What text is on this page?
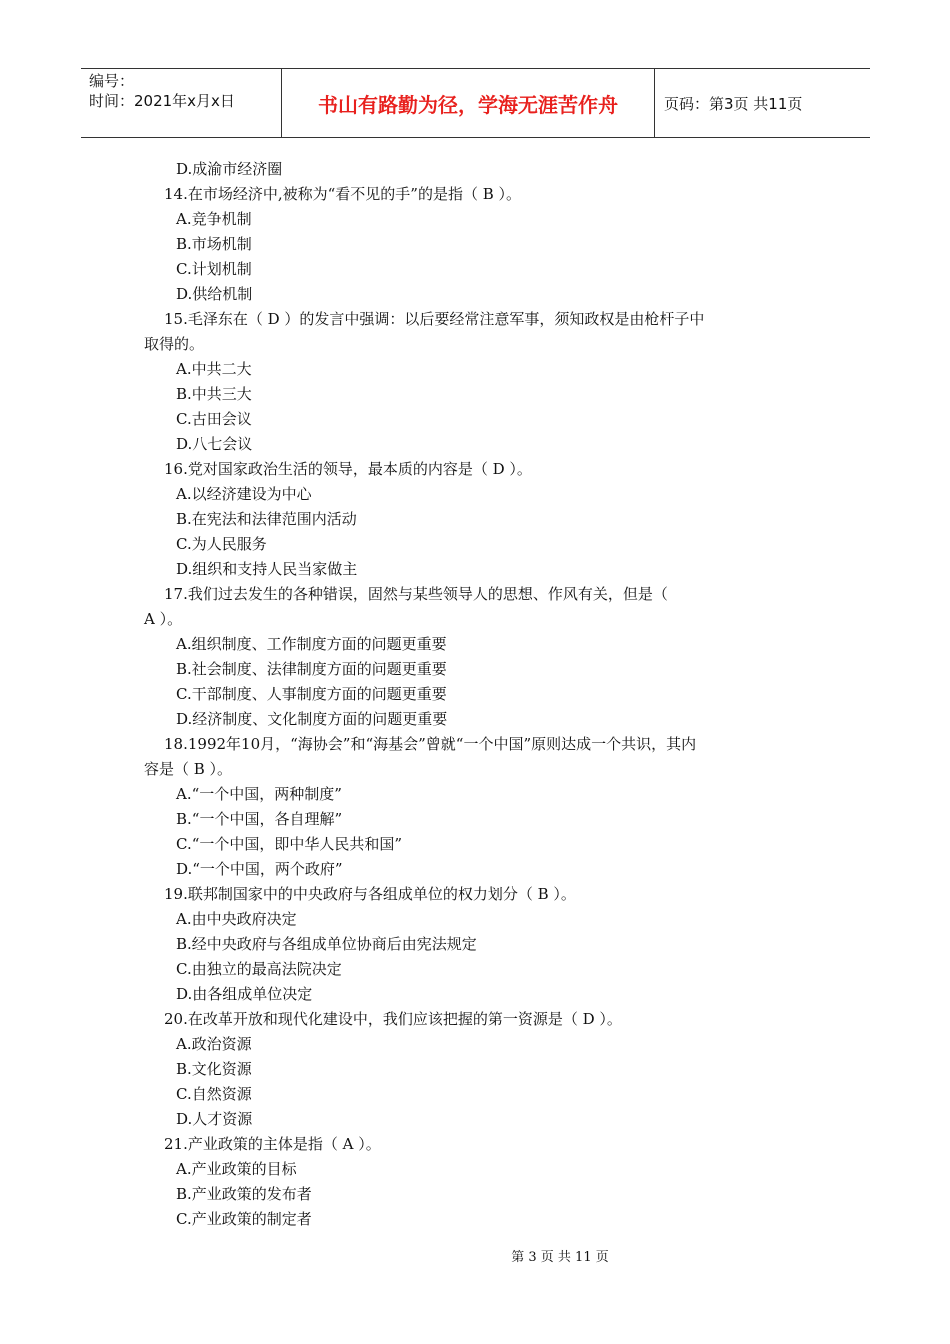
编号：
时间：2021年x月x日	书山有路勤为径，学海无涯苦作舟	页码：第3页 共11页
D.成渝市经济圈
14.在市场经济中,被称为“看不见的手”的是指（ B ）。
A.竞争机制
B.市场机制
C.计划机制
D.供给机制
15.毛泽东在（ D ）的发言中强调：以后要经常注意军事，须知政权是由枪杆子中
取得的。
A.中共二大
B.中共三大
C.古田会议
D.八七会议
16.党对国家政治生活的领导，最本质的内容是（ D ）。
A.以经济建设为中心
B.在宪法和法律范围内活动
C.为人民服务
D.组织和支持人民当家做主
17.我们过去发生的各种错误，固然与某些领导人的思想、作风有关，但是（
A ）。
A.组织制度、工作制度方面的问题更重要
B.社会制度、法律制度方面的问题更重要
C.干部制度、人事制度方面的问题更重要
D.经济制度、文化制度方面的问题更重要
18.1992年10月，“海协会”和“海基会”曾就“一个中国”原则达成一个共识，其内
容是（ B ）。
A.“一个中国，两种制度”
B.“一个中国，各自理解”
C.“一个中国，即中华人民共和国”
D.“一个中国，两个政府”
19.联邦制国家中的中央政府与各组成单位的权力划分（ B ）。
A.由中央政府决定
B.经中央政府与各组成单位协商后由宪法规定
C.由独立的最高法院决定
D.由各组成单位决定
20.在改革开放和现代化建设中，我们应该把握的第一资源是（ D ）。
A.政治资源
B.文化资源
C.自然资源
D.人才资源
21.产业政策的主体是指（ A ）。
A.产业政策的目标
B.产业政策的发布者
C.产业政策的制定者
第 3 页 共 11 页
